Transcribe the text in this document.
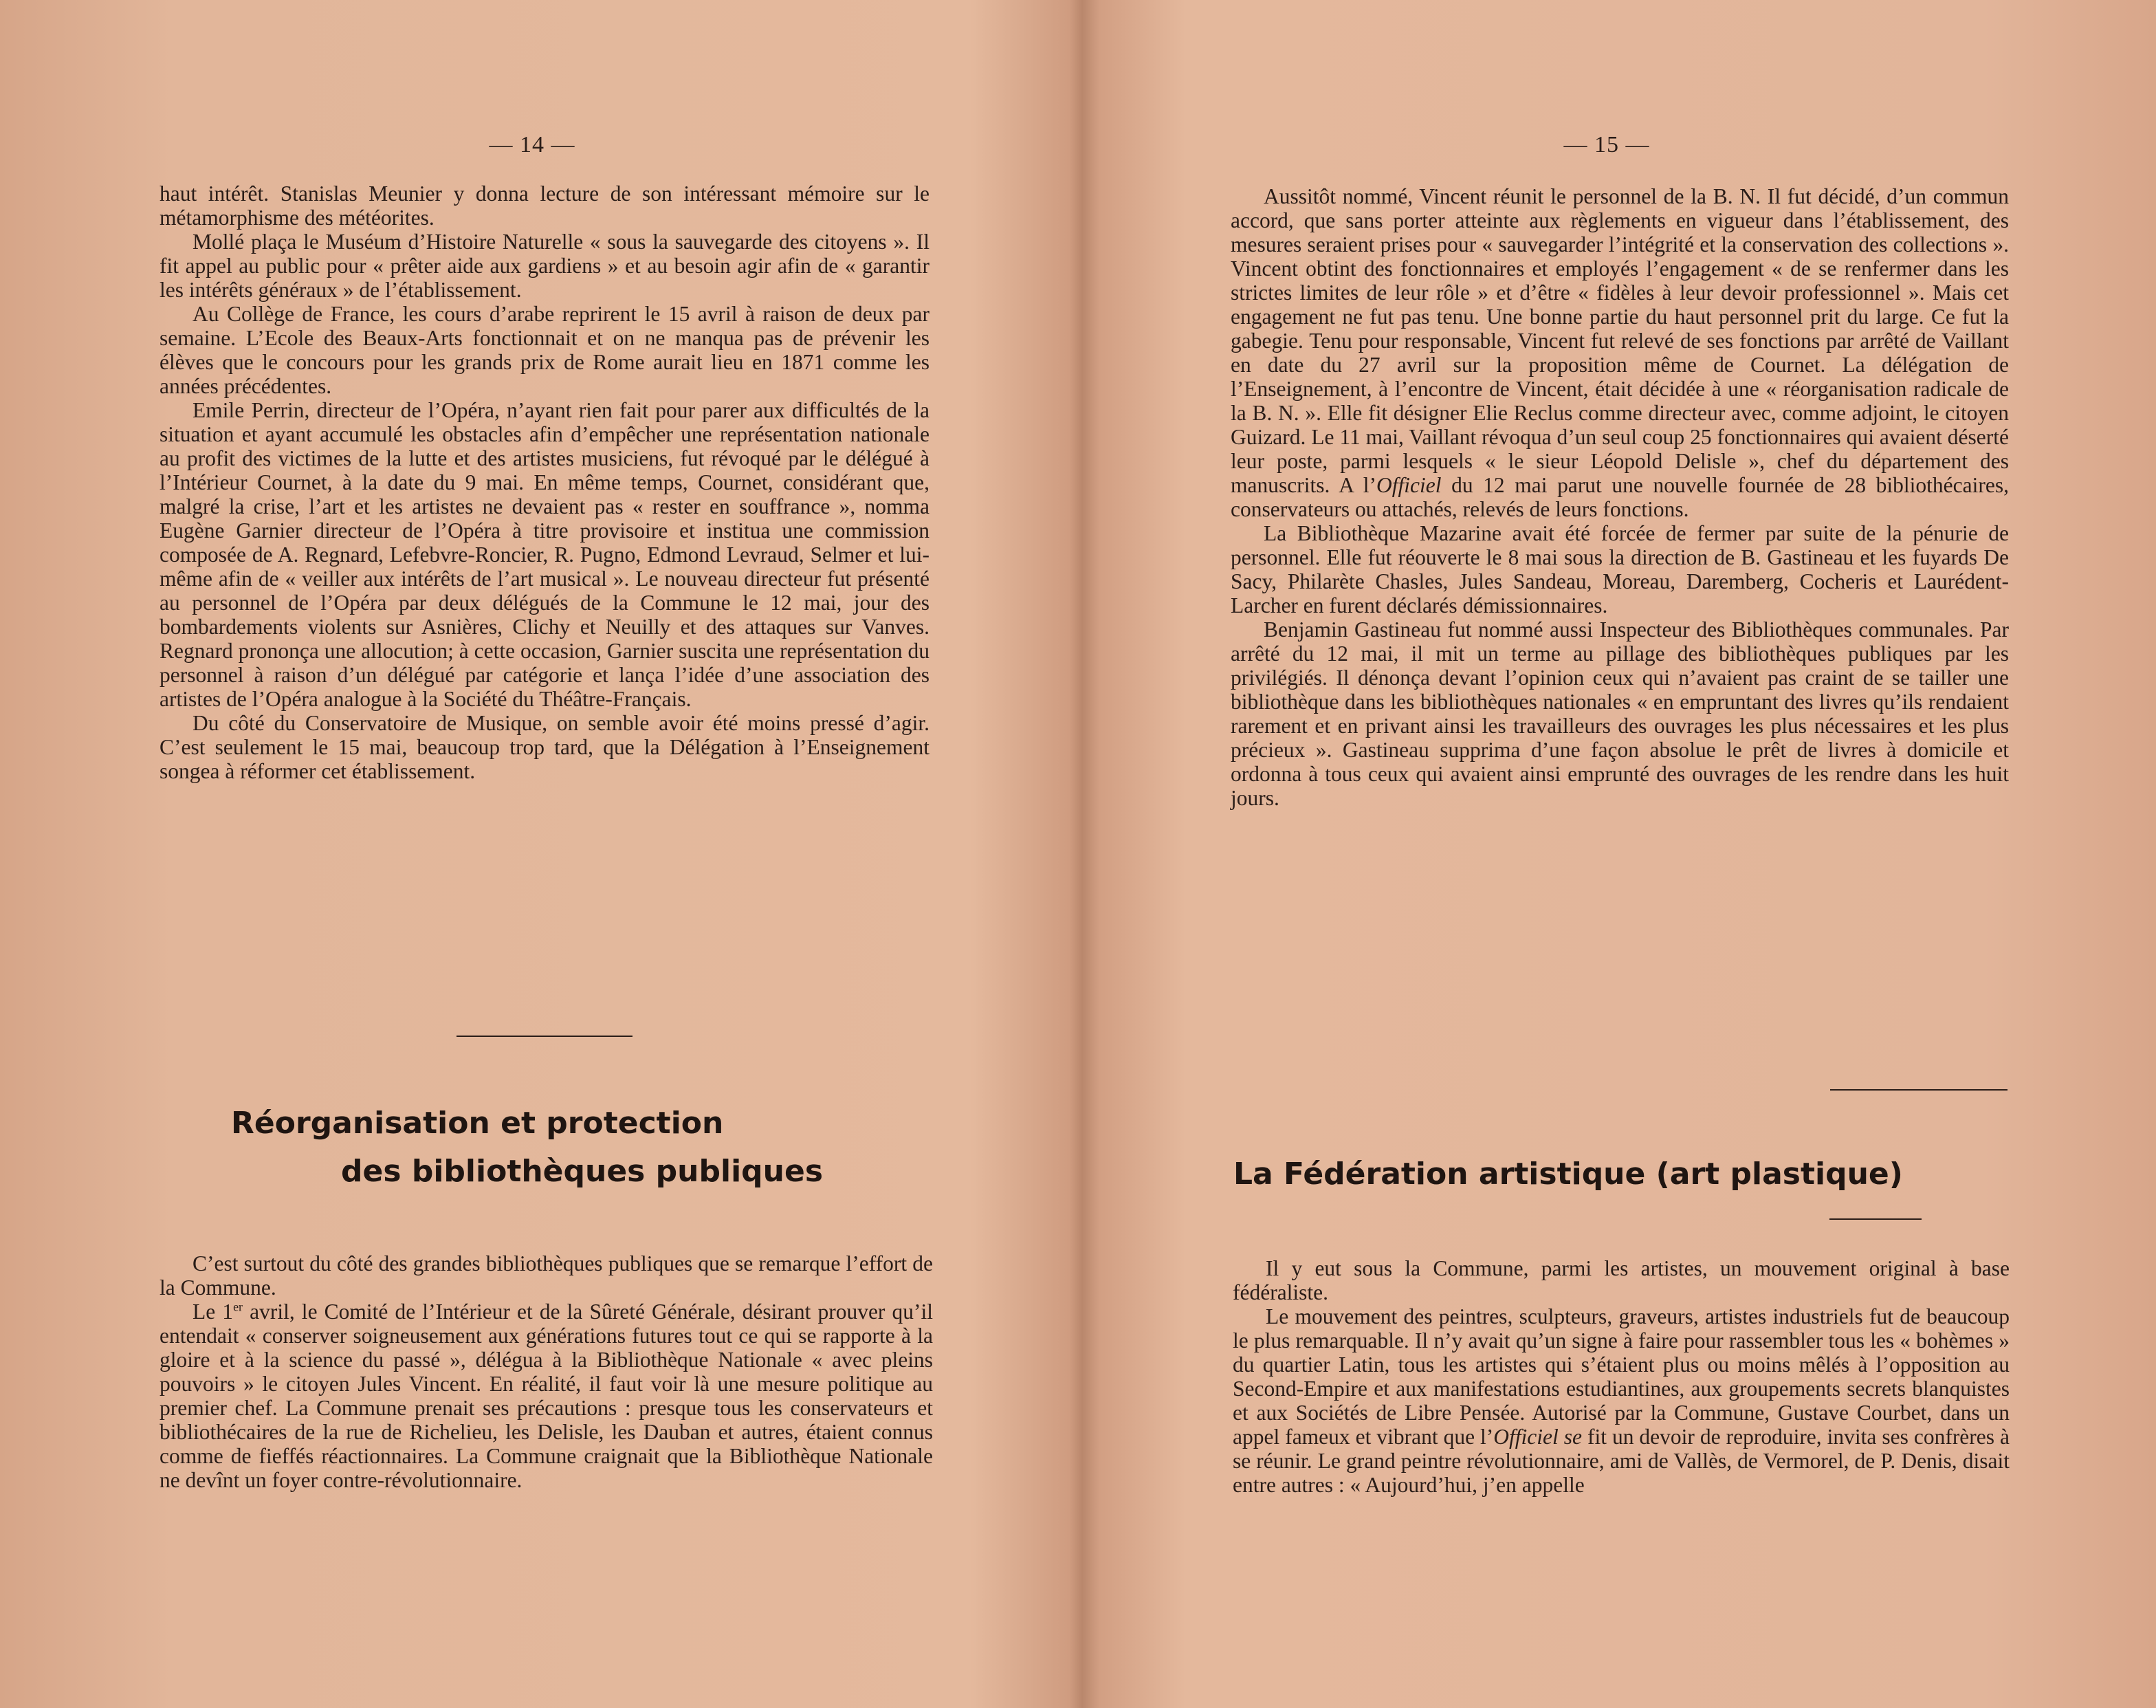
— 14 —

haut intérêt. Stanislas Meunier y donna lecture de son intéressant mémoire sur le métamorphisme des météorites.

Mollé plaça le Muséum d’Histoire Naturelle « sous la sauvegarde des citoyens ». Il fit appel au public pour « prêter aide aux gardiens » et au besoin agir afin de « garantir les intérêts généraux » de l’établissement.

Au Collège de France, les cours d’arabe reprirent le 15 avril à raison de deux par semaine. L’Ecole des Beaux-Arts fonctionnait et on ne manqua pas de prévenir les élèves que le concours pour les grands prix de Rome aurait lieu en 1871 comme les années précédentes.

Emile Perrin, directeur de l’Opéra, n’ayant rien fait pour parer aux difficultés de la situation et ayant accumulé les obstacles afin d’empêcher une représentation nationale au profit des victimes de la lutte et des artistes musiciens, fut révoqué par le délégué à l’Intérieur Cournet, à la date du 9 mai. En même temps, Cournet, considérant que, malgré la crise, l’art et les artistes ne devaient pas « rester en souffrance », nomma Eugène Garnier directeur de l’Opéra à titre provisoire et institua une commission composée de A. Regnard, Lefebvre-Roncier, R. Pugno, Edmond Levraud, Selmer et lui-même afin de « veiller aux intérêts de l’art musical ». Le nouveau directeur fut présenté au personnel de l’Opéra par deux délégués de la Commune le 12 mai, jour des bombardements violents sur Asnières, Clichy et Neuilly et des attaques sur Vanves. Regnard prononça une allocution; à cette occasion, Garnier suscita une représentation du personnel à raison d’un délégué par catégorie et lança l’idée d’une association des artistes de l’Opéra analogue à la Société du Théâtre-Français.

Du côté du Conservatoire de Musique, on semble avoir été moins pressé d’agir. C’est seulement le 15 mai, beaucoup trop tard, que la Délégation à l’Enseignement songea à réformer cet établissement.

Réorganisation et protection
des bibliothèques publiques

C’est surtout du côté des grandes bibliothèques publiques que se remarque l’effort de la Commune.

Le 1er avril, le Comité de l’Intérieur et de la Sûreté Générale, désirant prouver qu’il entendait « conserver soigneusement aux générations futures tout ce qui se rapporte à la gloire et à la science du passé », délégua à la Bibliothèque Nationale « avec pleins pouvoirs » le citoyen Jules Vincent. En réalité, il faut voir là une mesure politique au premier chef. La Commune prenait ses précautions : presque tous les conservateurs et bibliothécaires de la rue de Richelieu, les Delisle, les Dauban et autres, étaient connus comme de fieffés réactionnaires. La Commune craignait que la Bibliothèque Nationale ne devînt un foyer contre-révolutionnaire.

— 15 —

Aussitôt nommé, Vincent réunit le personnel de la B. N. Il fut décidé, d’un commun accord, que sans porter atteinte aux règlements en vigueur dans l’établissement, des mesures seraient prises pour « sauvegarder l’intégrité et la conservation des collections ». Vincent obtint des fonctionnaires et employés l’engagement « de se renfermer dans les strictes limites de leur rôle » et d’être « fidèles à leur devoir professionnel ». Mais cet engagement ne fut pas tenu. Une bonne partie du haut personnel prit du large. Ce fut la gabegie. Tenu pour responsable, Vincent fut relevé de ses fonctions par arrêté de Vaillant en date du 27 avril sur la proposition même de Cournet. La délégation de l’Enseignement, à l’encontre de Vincent, était décidée à une « réorganisation radicale de la B. N. ». Elle fit désigner Elie Reclus comme directeur avec, comme adjoint, le citoyen Guizard. Le 11 mai, Vaillant révoqua d’un seul coup 25 fonctionnaires qui avaient déserté leur poste, parmi lesquels « le sieur Léopold Delisle », chef du département des manuscrits. A l’Officiel du 12 mai parut une nouvelle fournée de 28 bibliothécaires, conservateurs ou attachés, relevés de leurs fonctions.

La Bibliothèque Mazarine avait été forcée de fermer par suite de la pénurie de personnel. Elle fut réouverte le 8 mai sous la direction de B. Gastineau et les fuyards De Sacy, Philarète Chasles, Jules Sandeau, Moreau, Daremberg, Cocheris et Laurédent-Larcher en furent déclarés démissionnaires.

Benjamin Gastineau fut nommé aussi Inspecteur des Bibliothèques communales. Par arrêté du 12 mai, il mit un terme au pillage des bibliothèques publiques par les privilégiés. Il dénonça devant l’opinion ceux qui n’avaient pas craint de se tailler une bibliothèque dans les bibliothèques nationales « en empruntant des livres qu’ils rendaient rarement et en privant ainsi les travailleurs des ouvrages les plus nécessaires et les plus précieux ». Gastineau supprima d’une façon absolue le prêt de livres à domicile et ordonna à tous ceux qui avaient ainsi emprunté des ouvrages de les rendre dans les huit jours.

La Fédération artistique (art plastique)

Il y eut sous la Commune, parmi les artistes, un mouvement original à base fédéraliste.

Le mouvement des peintres, sculpteurs, graveurs, artistes industriels fut de beaucoup le plus remarquable. Il n’y avait qu’un signe à faire pour rassembler tous les « bohèmes » du quartier Latin, tous les artistes qui s’étaient plus ou moins mêlés à l’opposition au Second-Empire et aux manifestations estudiantines, aux groupements secrets blanquistes et aux Sociétés de Libre Pensée. Autorisé par la Commune, Gustave Courbet, dans un appel fameux et vibrant que l’Officiel se fit un devoir de reproduire, invita ses confrères à se réunir. Le grand peintre révolutionnaire, ami de Vallès, de Vermorel, de P. Denis, disait entre autres : « Aujourd’hui, j’en appelle
